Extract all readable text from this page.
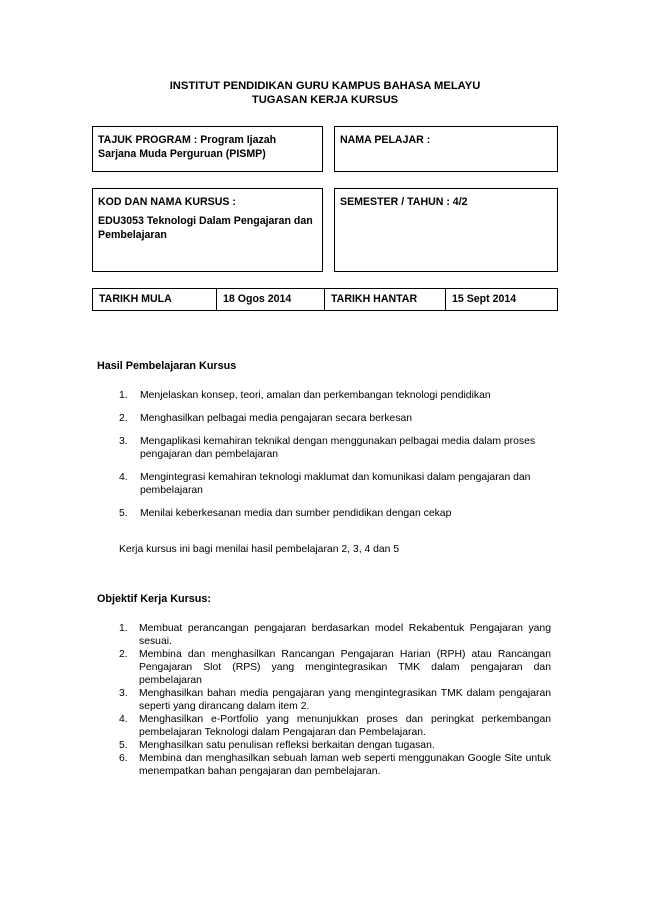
INSTITUT PENDIDIKAN GURU KAMPUS BAHASA MELAYU
TUGASAN KERJA KURSUS
TAJUK PROGRAM : Program Ijazah Sarjana Muda Perguruan (PISMP)
NAMA PELAJAR :
KOD DAN NAMA KURSUS :
EDU3053 Teknologi Dalam Pengajaran dan Pembelajaran
SEMESTER / TAHUN : 4/2
TARIKH MULA	18 Ogos 2014	TARIKH HANTAR	15 Sept 2014
Hasil Pembelajaran Kursus
1. Menjelaskan konsep, teori, amalan dan perkembangan teknologi pendidikan
2. Menghasilkan pelbagai media pengajaran secara berkesan
3. Mengaplikasi kemahiran teknikal dengan menggunakan pelbagai media dalam proses pengajaran dan pembelajaran
4. Mengintegrasi kemahiran teknologi maklumat dan komunikasi dalam pengajaran dan pembelajaran
5. Menilai keberkesanan media dan sumber pendidikan dengan cekap
Kerja kursus ini bagi menilai hasil pembelajaran 2, 3, 4 dan 5
Objektif Kerja Kursus:
1. Membuat perancangan pengajaran berdasarkan model Rekabentuk Pengajaran yang sesuai.
2. Membina dan menghasilkan Rancangan Pengajaran Harian (RPH) atau Rancangan Pengajaran Slot (RPS) yang mengintegrasikan TMK dalam pengajaran dan pembelajaran
3. Menghasilkan bahan media pengajaran yang mengintegrasikan TMK dalam pengajaran seperti yang dirancang dalam item 2.
4. Menghasilkan e-Portfolio yang menunjukkan proses dan peringkat perkembangan pembelajaran Teknologi dalam Pengajaran dan Pembelajaran.
5. Menghasilkan satu penulisan refleksi berkaitan dengan tugasan.
6. Membina dan menghasilkan sebuah laman web seperti menggunakan Google Site untuk menempatkan bahan pengajaran dan pembelajaran.
